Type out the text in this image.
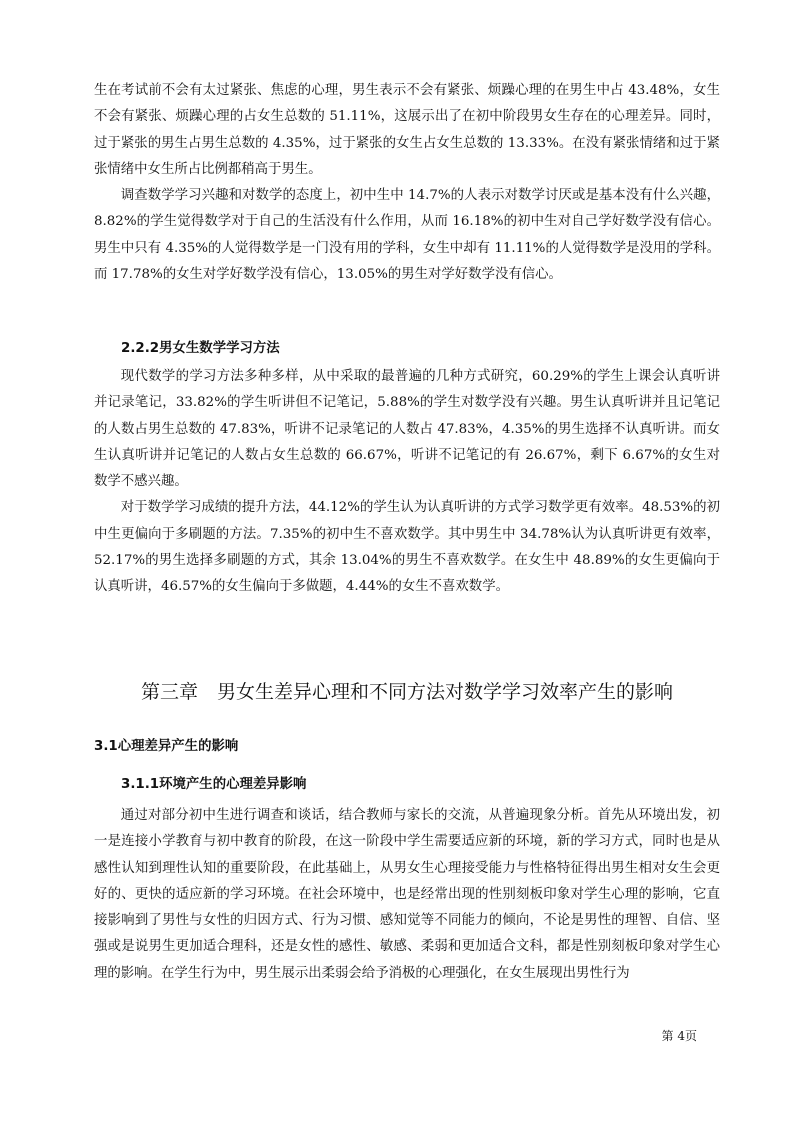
生在考试前不会有太过紧张、焦虑的心理，男生表示不会有紧张、烦躁心理的在男生中占 43.48%，女生不会有紧张、烦躁心理的占女生总数的 51.11%，这展示出了在初中阶段男女生存在的心理差异。同时，过于紧张的男生占男生总数的 4.35%，过于紧张的女生占女生总数的 13.33%。在没有紧张情绪和过于紧张情绪中女生所占比例都稍高于男生。

调查数学学习兴趣和对数学的态度上，初中生中 14.7%的人表示对数学讨厌或是基本没有什么兴趣，8.82%的学生觉得数学对于自己的生活没有什么作用，从而 16.18%的初中生对自己学好数学没有信心。男生中只有 4.35%的人觉得数学是一门没有用的学科，女生中却有 11.11%的人觉得数学是没用的学科。而 17.78%的女生对学好数学没有信心，13.05%的男生对学好数学没有信心。

2.2.2男女生数学学习方法

现代数学的学习方法多种多样，从中采取的最普遍的几种方式研究，60.29%的学生上课会认真听讲并记录笔记，33.82%的学生听讲但不记笔记，5.88%的学生对数学没有兴趣。男生认真听讲并且记笔记的人数占男生总数的 47.83%，听讲不记录笔记的人数占 47.83%，4.35%的男生选择不认真听讲。而女生认真听讲并记笔记的人数占女生总数的 66.67%，听讲不记笔记的有 26.67%，剩下 6.67%的女生对数学不感兴趣。

对于数学学习成绩的提升方法，44.12%的学生认为认真听讲的方式学习数学更有效率。48.53%的初中生更偏向于多刷题的方法。7.35%的初中生不喜欢数学。其中男生中 34.78%认为认真听讲更有效率，52.17%的男生选择多刷题的方式，其余 13.04%的男生不喜欢数学。在女生中 48.89%的女生更偏向于认真听讲，46.57%的女生偏向于多做题，4.44%的女生不喜欢数学。

第三章　男女生差异心理和不同方法对数学学习效率产生的影响
3.1心理差异产生的影响
3.1.1环境产生的心理差异影响

通过对部分初中生进行调查和谈话，结合教师与家长的交流，从普遍现象分析。首先从环境出发，初一是连接小学教育与初中教育的阶段，在这一阶段中学生需要适应新的环境，新的学习方式，同时也是从感性认知到理性认知的重要阶段，在此基础上，从男女生心理接受能力与性格特征得出男生相对女生会更好的、更快的适应新的学习环境。在社会环境中，也是经常出现的性别刻板印象对学生心理的影响，它直接影响到了男性与女性的归因方式、行为习惯、感知觉等不同能力的倾向，不论是男性的理智、自信、坚强或是说男生更加适合理科，还是女性的感性、敏感、柔弱和更加适合文科，都是性别刻板印象对学生心理的影响。在学生行为中，男生展示出柔弱会给予消极的心理强化，在女生展现出男性行为

第 4页
